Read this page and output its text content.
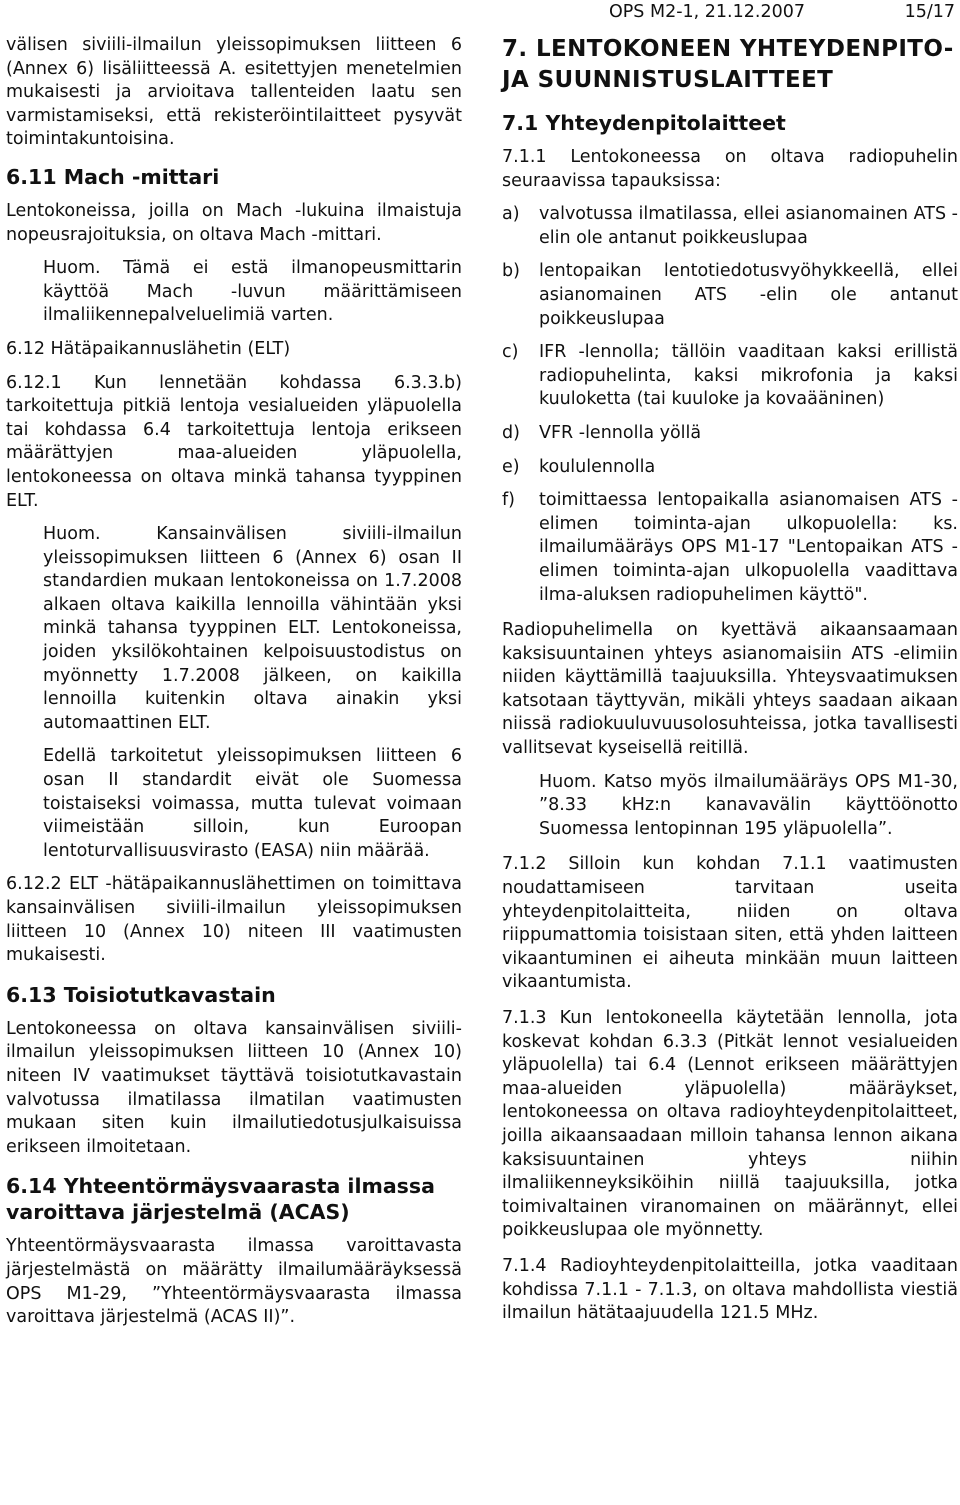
OPS M2-1, 21.12.2007	15/17

välisen siviili-ilmailun yleissopimuksen liitteen 6 (Annex 6) lisäliitteessä A. esitettyjen menetelmien mukaisesti ja arvioitava tallenteiden laatu sen varmistamiseksi, että rekisteröintilaitteet pysyvät toimintakuntoisina.

6.11 Mach -mittari

Lentokoneissa, joilla on Mach -lukuina ilmaistuja nopeusrajoituksia, on oltava Mach -mittari.

Huom. Tämä ei estä ilmanopeusmittarin käyttöä Mach -luvun määrittämiseen ilmaliikennepalveluelimiä varten.

6.12 Hätäpaikannuslähetin (ELT)

6.12.1 Kun lennetään kohdassa 6.3.3.b) tarkoitettuja pitkiä lentoja vesialueiden yläpuolella tai kohdassa 6.4 tarkoitettuja lentoja erikseen määrättyjen maa-alueiden yläpuolella, lentokoneessa on oltava minkä tahansa tyyppinen ELT.

Huom. Kansainvälisen siviili-ilmailun yleissopimuksen liitteen 6 (Annex 6) osan II standardien mukaan lentokoneissa on 1.7.2008 alkaen oltava kaikilla lennoilla vähintään yksi minkä tahansa tyyppinen ELT. Lentokoneissa, joiden yksilökohtainen kelpoisuustodistus on myönnetty 1.7.2008 jälkeen, on kaikilla lennoilla kuitenkin oltava ainakin yksi automaattinen ELT.

Edellä tarkoitetut yleissopimuksen liitteen 6 osan II standardit eivät ole Suomessa toistaiseksi voimassa, mutta tulevat voimaan viimeistään silloin, kun Euroopan lentoturvallisuusvirasto (EASA) niin määrää.

6.12.2 ELT -hätäpaikannuslähettimen on toimittava kansainvälisen siviili-ilmailun yleissopimuksen liitteen 10 (Annex 10) niteen III vaatimusten mukaisesti.

6.13 Toisiotutkavastain

Lentokoneessa on oltava kansainvälisen siviili-ilmailun yleissopimuksen liitteen 10 (Annex 10) niteen IV vaatimukset täyttävä toisiotutkavastain valvotussa ilmatilassa ilmatilan vaatimusten mukaan siten kuin ilmailutiedotusjulkaisuissa erikseen ilmoitetaan.

6.14 Yhteentörmäysvaarasta ilmassa varoittava järjestelmä (ACAS)

Yhteentörmäysvaarasta ilmassa varoittavasta järjestelmästä on määrätty ilmailumääräyksessä OPS M1-29, ”Yhteentörmäysvaarasta ilmassa varoittava järjestelmä (ACAS II)”.

7. LENTOKONEEN YHTEYDENPITO- JA SUUNNISTUSLAITTEET
7.1 Yhteydenpitolaitteet

7.1.1 Lentokoneessa on oltava radiopuhelin seuraavissa tapauksissa:

a) valvotussa ilmatilassa, ellei asianomainen ATS -elin ole antanut poikkeuslupaa
b) lentopaikan lentotiedotusvyöhykkeellä, ellei asianomainen ATS -elin ole antanut poikkeuslupaa
c) IFR -lennolla; tällöin vaaditaan kaksi erillistä radiopuhelinta, kaksi mikrofonia ja kaksi kuulokett‌a (tai kuuloke ja kovaääninen)
d) VFR -lennolla yöllä
e) koululennolla
f) toimittaessa lentopaikalla asianomaisen ATS -elimen toiminta-ajan ulkopuolella: ks. ilmailumääräys OPS M1-17 "Lentopaikan ATS -elimen toiminta-ajan ulkopuolella vaadittava ilma-aluksen radiopuhelimen käyttö".

Radiopuhelimella on kyettävä aikaansaamaan kaksisuuntainen yhteys asianomaisiin ATS -elimiin niiden käyttämillä taajuuksilla. Yhteysvaatimuksen katsotaan täyttyvän, mikäli yhteys saadaan aikaan niissä radiokuuluvuusolosuhteissa, jotka tavallisesti vallitsevat kyseisellä reitillä.

Huom. Katso myös ilmailumääräys OPS M1-30, ”8.33 kHz:n kanavavälin käyttöönotto Suomessa lentopinnan 195 yläpuolella”.

7.1.2 Silloin kun kohdan 7.1.1 vaatimusten noudattamiseen tarvitaan useita yhteydenpitolaitteita, niiden on oltava riippumattomia toisistaan siten, että yhden laitteen vikaantuminen ei aiheuta minkään muun laitteen vikaantumista.

7.1.3 Kun lentokoneella käytetään lennolla, jota koskevat kohdan 6.3.3 (Pitkät lennot vesialueiden yläpuolella) tai 6.4 (Lennot erikseen määrättyjen maa-alueiden yläpuolella) määräykset, lentokoneessa on oltava radioyhteydenpitolaitteet, joilla aikaansaadaan milloin tahansa lennon aikana kaksisuuntainen yhteys niihin ilmaliikenneyksiköihin niillä taajuuksilla, jotka toimivaltainen viranomainen on määrännyt, ellei poikkeuslupaa ole myönnetty.

7.1.4 Radioyhteydenpitolaitteilla, jotka vaaditaan kohdissa 7.1.1 - 7.1.3, on oltava mahdollista viestiä ilmailun hätätaajuudella 121.5 MHz.
